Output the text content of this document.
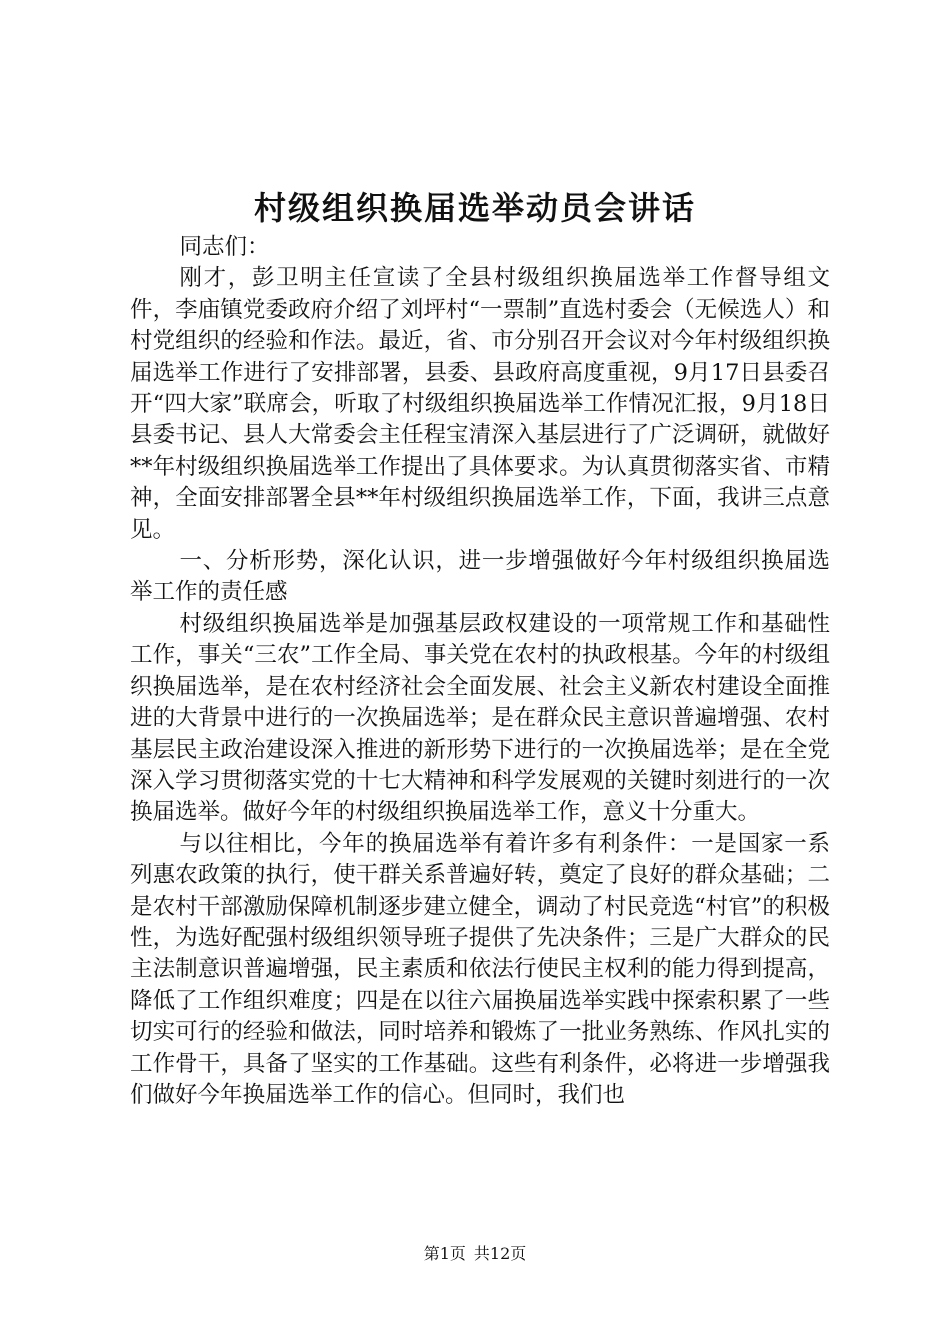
村级组织换届选举动员会讲话

同志们：

刚才，彭卫明主任宣读了全县村级组织换届选举工作督导组文件，李庙镇党委政府介绍了刘坪村“一票制”直选村委会（无候选人）和村党组织的经验和作法。最近，省、市分别召开会议对今年村级组织换届选举工作进行了安排部署，县委、县政府高度重视，9月17日县委召开“四大家”联席会，听取了村级组织换届选举工作情况汇报，9月18日县委书记、县人大常委会主任程宝清深入基层进行了广泛调研，就做好**年村级组织换届选举工作提出了具体要求。为认真贯彻落实省、市精神，全面安排部署全县**年村级组织换届选举工作，下面，我讲三点意见。

一、分析形势，深化认识，进一步增强做好今年村级组织换届选举工作的责任感

村级组织换届选举是加强基层政权建设的一项常规工作和基础性工作，事关“三农”工作全局、事关党在农村的执政根基。今年的村级组织换届选举，是在农村经济社会全面发展、社会主义新农村建设全面推进的大背景中进行的一次换届选举；是在群众民主意识普遍增强、农村基层民主政治建设深入推进的新形势下进行的一次换届选举；是在全党深入学习贯彻落实党的十七大精神和科学发展观的关键时刻进行的一次换届选举。做好今年的村级组织换届选举工作，意义十分重大。

与以往相比，今年的换届选举有着许多有利条件：一是国家一系列惠农政策的执行，使干群关系普遍好转，奠定了良好的群众基础；二是农村干部激励保障机制逐步建立健全，调动了村民竞选“村官”的积极性，为选好配强村级组织领导班子提供了先决条件；三是广大群众的民主法制意识普遍增强，民主素质和依法行使民主权利的能力得到提高，降低了工作组织难度；四是在以往六届换届选举实践中探索积累了一些切实可行的经验和做法，同时培养和锻炼了一批业务熟练、作风扎实的工作骨干，具备了坚实的工作基础。这些有利条件，必将进一步增强我们做好今年换届选举工作的信心。但同时，我们也

第1页 共12页
